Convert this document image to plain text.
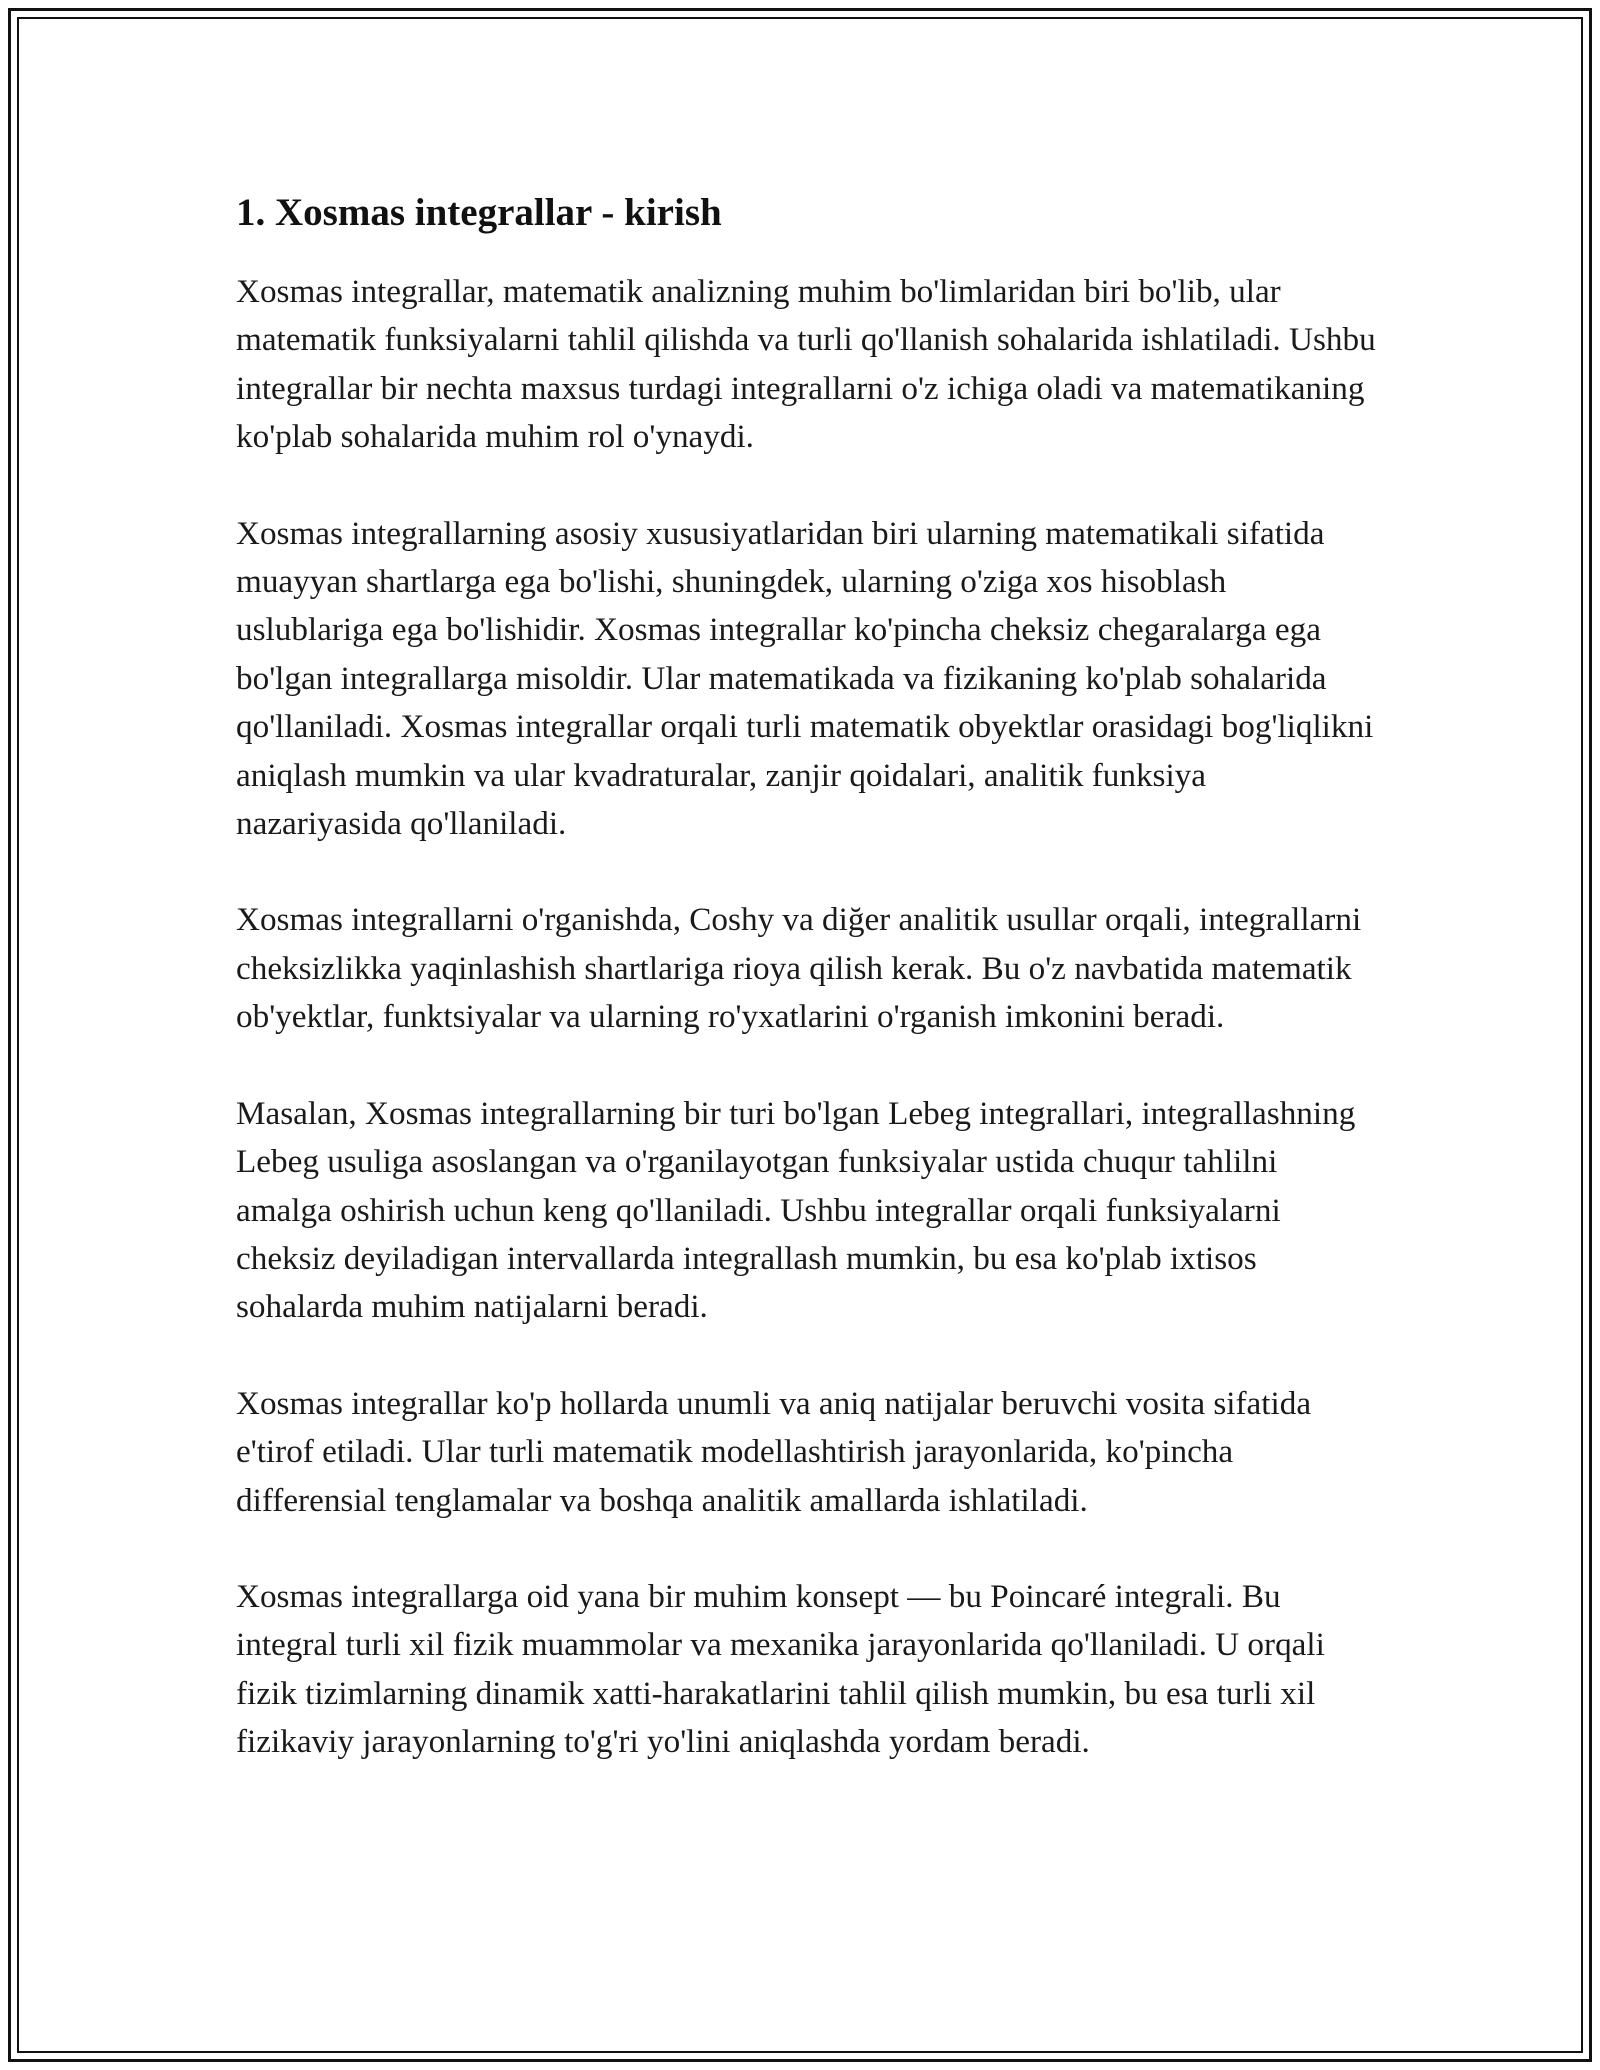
1. Xosmas integrallar - kirish

Xosmas integrallar, matematik analizning muhim bo'limlaridan biri bo'lib, ular matematik funksiyalarni tahlil qilishda va turli qo'llanish sohalarida ishlatiladi. Ushbu integrallar bir nechta maxsus turdagi integrallarni o'z ichiga oladi va matematikaning ko'plab sohalarida muhim rol o'ynaydi.

Xosmas integrallarning asosiy xususiyatlaridan biri ularning matematikali sifatida muayyan shartlarga ega bo'lishi, shuningdek, ularning o'ziga xos hisoblash uslublariga ega bo'lishidir. Xosmas integrallar ko'pincha cheksiz chegaralarga ega bo'lgan integrallarga misoldir. Ular matematikada va fizikaning ko'plab sohalarida qo'llaniladi. Xosmas integrallar orqali turli matematik obyektlar orasidagi bog'liqlikni aniqlash mumkin va ular kvadraturalar, zanjir qoidalari, analitik funksiya nazariyasida qo'llaniladi.

Xosmas integrallarni o'rganishda, Coshy va diğer analitik usullar orqali, integrallarni cheksizlikka yaqinlashish shartlariga rioya qilish kerak. Bu o'z navbatida matematik ob'yektlar, funktsiyalar va ularning ro'yxatlarini o'rganish imkonini beradi.

Masalan, Xosmas integrallarning bir turi bo'lgan Lebeg integrallari, integrallashning Lebeg usuliga asoslangan va o'rganilayotgan funksiyalar ustida chuqur tahlilni amalga oshirish uchun keng qo'llaniladi. Ushbu integrallar orqali funksiyalarni cheksiz deyiladigan intervallarda integrallash mumkin, bu esa ko'plab ixtisos sohalarda muhim natijalarni beradi.

Xosmas integrallar ko'p hollarda unumli va aniq natijalar beruvchi vosita sifatida e'tirof etiladi. Ular turli matematik modellashtirish jarayonlarida, ko'pincha differensial tenglamalar va boshqa analitik amallarda ishlatiladi.

Xosmas integrallarga oid yana bir muhim konsept — bu Poincaré integrali. Bu integral turli xil fizik muammolar va mexanika jarayonlarida qo'llaniladi. U orqali fizik tizimlarning dinamik xatti-harakatlarini tahlil qilish mumkin, bu esa turli xil fizikaviy jarayonlarning to'g'ri yo'lini aniqlashda yordam beradi.
